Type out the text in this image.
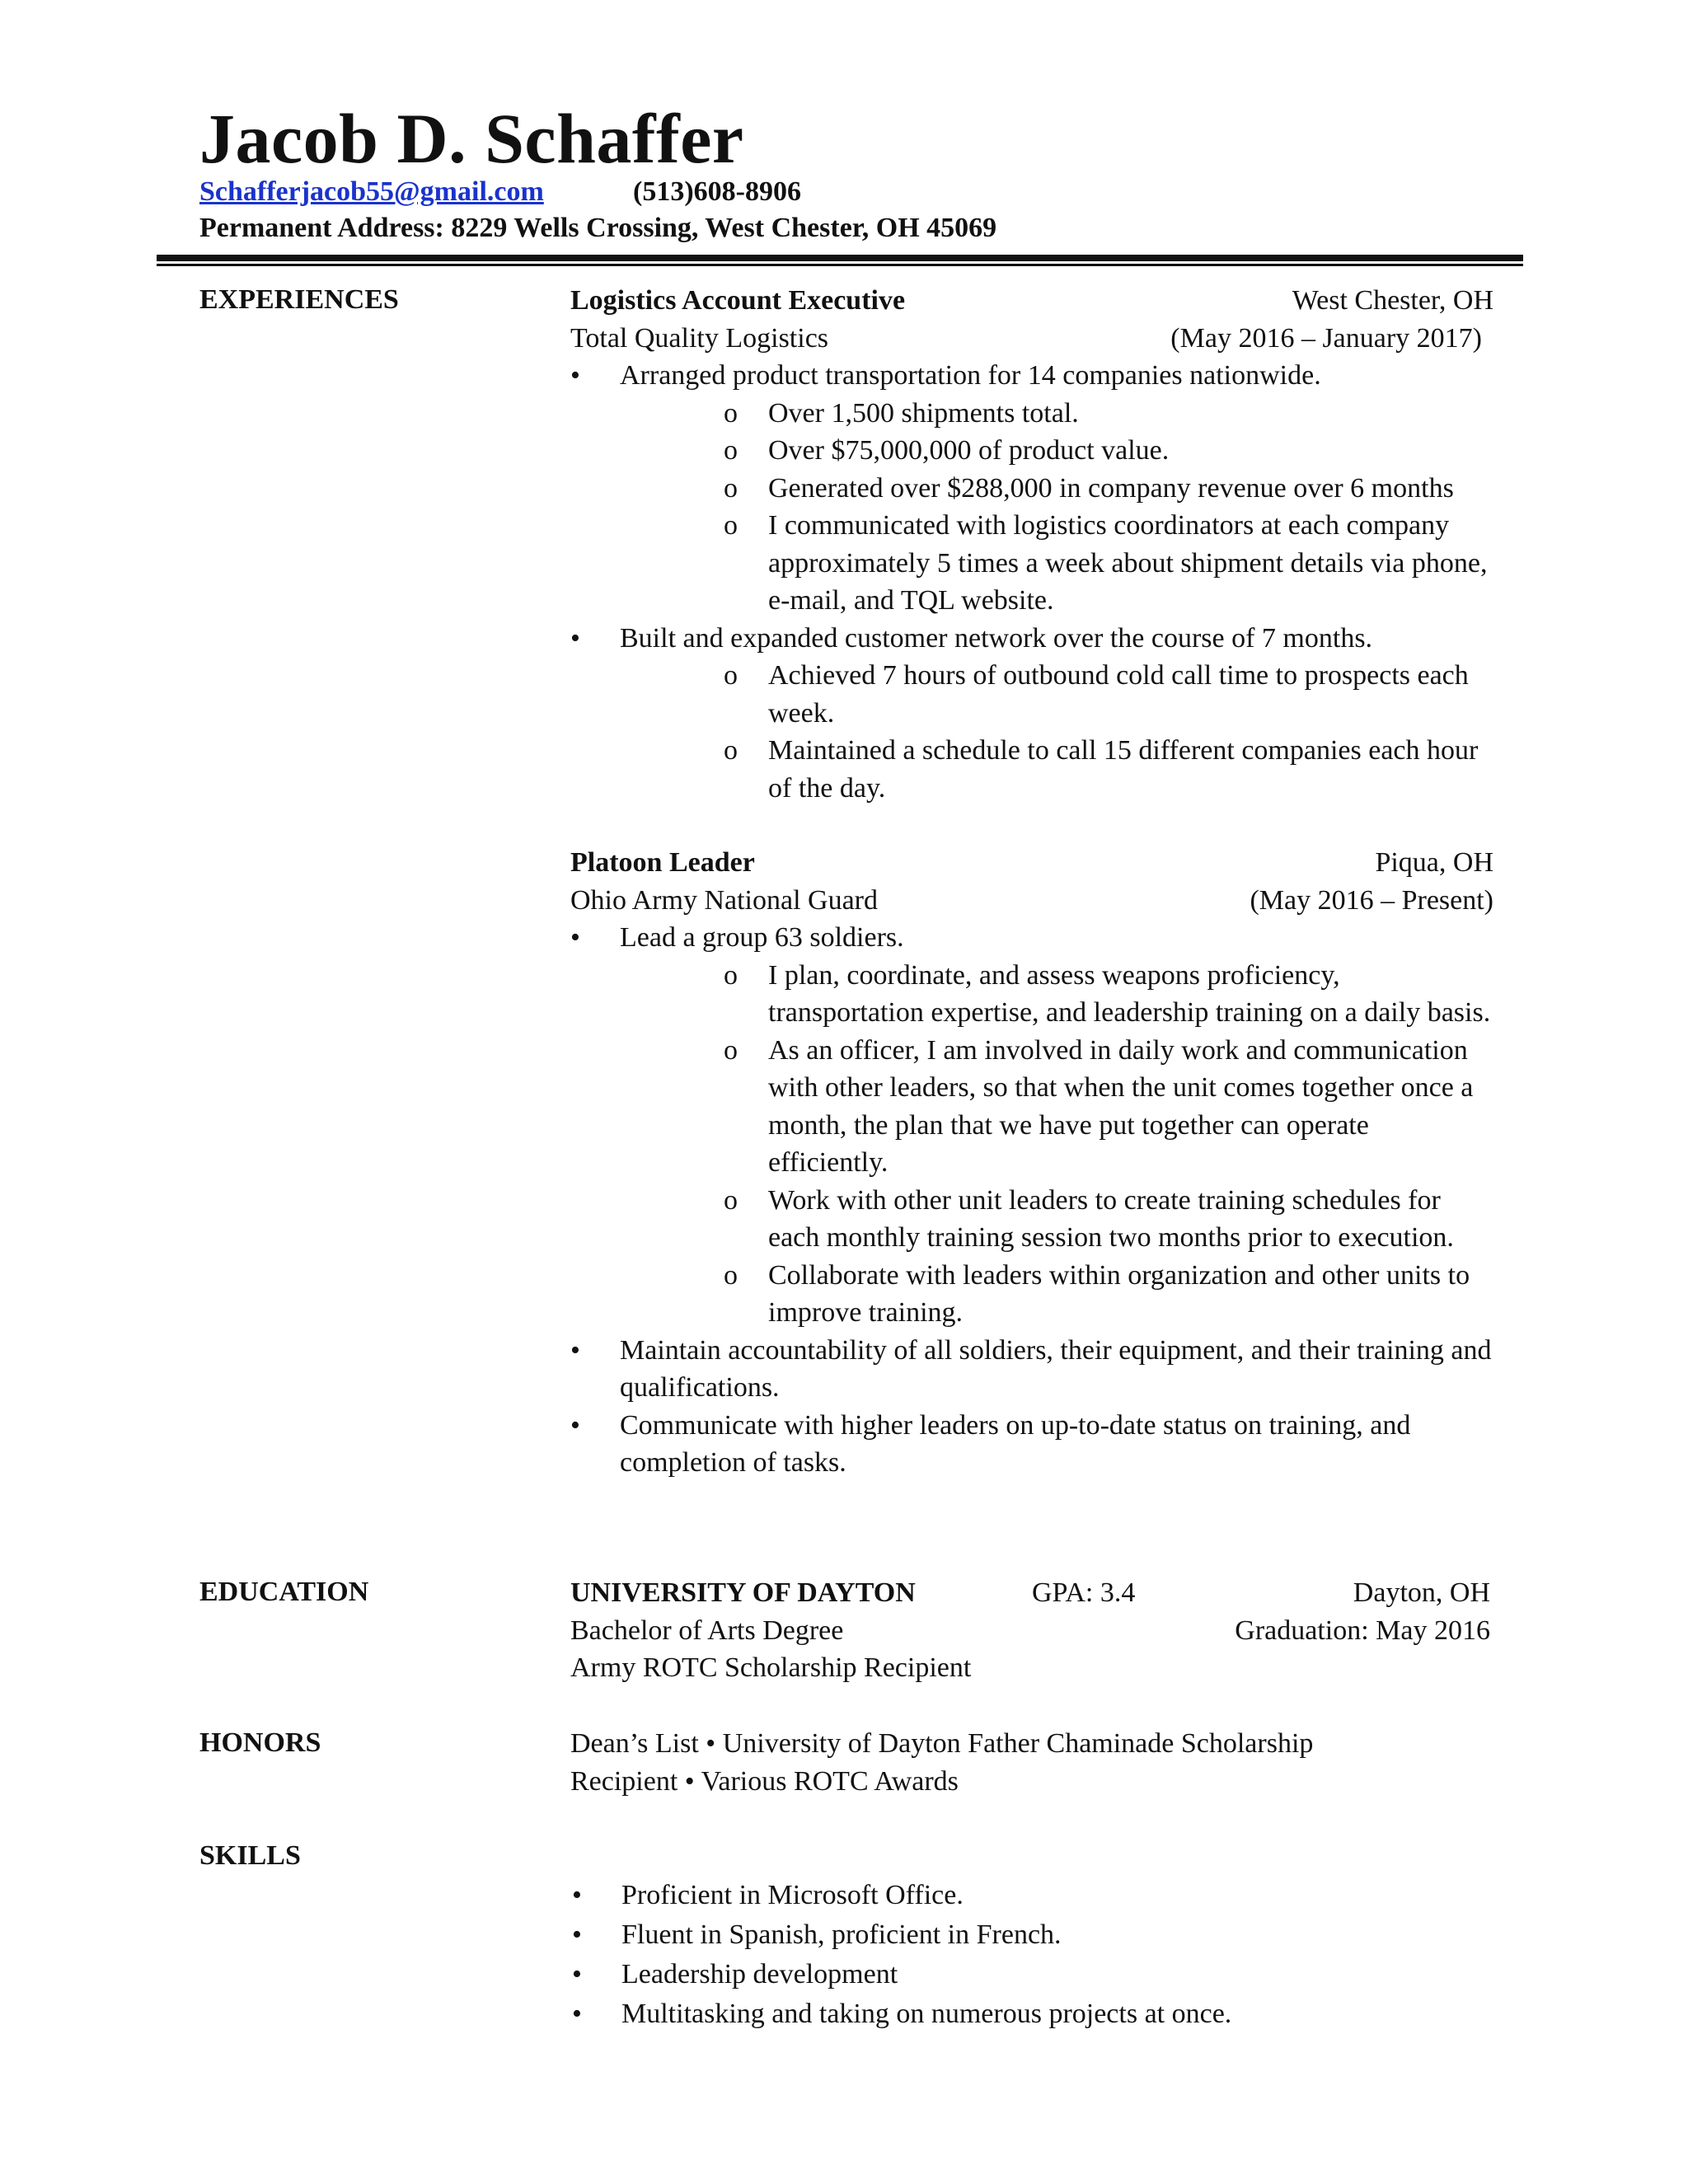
Jacob D. Schaffer
Schafferjacob55@gmail.com	(513)608-8906
Permanent Address: 8229 Wells Crossing, West Chester, OH 45069
EXPERIENCES	Logistics Account Executive	West Chester, OH
Total Quality Logistics	(May 2016 – January 2017)
• Arranged product transportation for 14 companies nationwide.
o Over 1,500 shipments total.
o Over $75,000,000 of product value.
o Generated over $288,000 in company revenue over 6 months
o I communicated with logistics coordinators at each company approximately 5 times a week about shipment details via phone, e-mail, and TQL website.
• Built and expanded customer network over the course of 7 months.
o Achieved 7 hours of outbound cold call time to prospects each week.
o Maintained a schedule to call 15 different companies each hour of the day.
Platoon Leader	Piqua, OH
Ohio Army National Guard	(May 2016 – Present)
• Lead a group 63 soldiers.
o I plan, coordinate, and assess weapons proficiency, transportation expertise, and leadership training on a daily basis.
o As an officer, I am involved in daily work and communication with other leaders, so that when the unit comes together once a month, the plan that we have put together can operate efficiently.
o Work with other unit leaders to create training schedules for each monthly training session two months prior to execution.
o Collaborate with leaders within organization and other units to improve training.
• Maintain accountability of all soldiers, their equipment, and their training and qualifications.
• Communicate with higher leaders on up-to-date status on training, and completion of tasks.
EDUCATION	UNIVERSITY OF DAYTON	GPA: 3.4	Dayton, OH
Bachelor of Arts Degree	Graduation: May 2016
Army ROTC Scholarship Recipient
HONORS	Dean’s List • University of Dayton Father Chaminade Scholarship
Recipient • Various ROTC Awards
SKILLS
• Proficient in Microsoft Office.
• Fluent in Spanish, proficient in French.
• Leadership development
• Multitasking and taking on numerous projects at once.
